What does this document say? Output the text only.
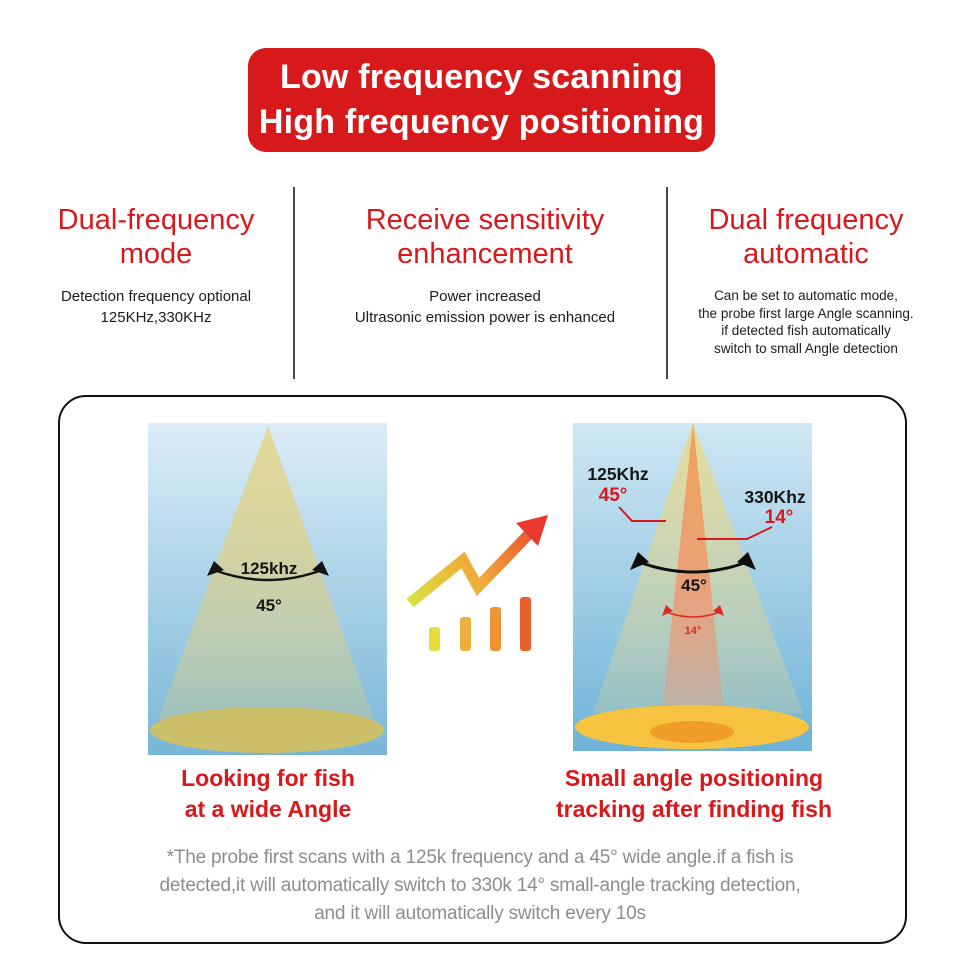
Low frequency scanning
High frequency positioning
Dual-frequency
mode
Detection frequency optional
125KHz,330KHz
Receive sensitivity
enhancement
Power increased
Ultrasonic emission power is enhanced
Dual frequency
automatic
Can be set to automatic mode,
the probe first large Angle scanning.
if detected fish automatically
switch to small Angle detection
125khz
45°
125Khz
45°	330Khz
14°
45°
14°
Looking for fish
at a wide Angle
Small angle positioning
tracking after finding fish
*The probe first scans with a 125k frequency and a 45° wide angle.if a fish is
detected,it will automatically switch to 330k 14° small-angle tracking detection,
and it will automatically switch every 10s
